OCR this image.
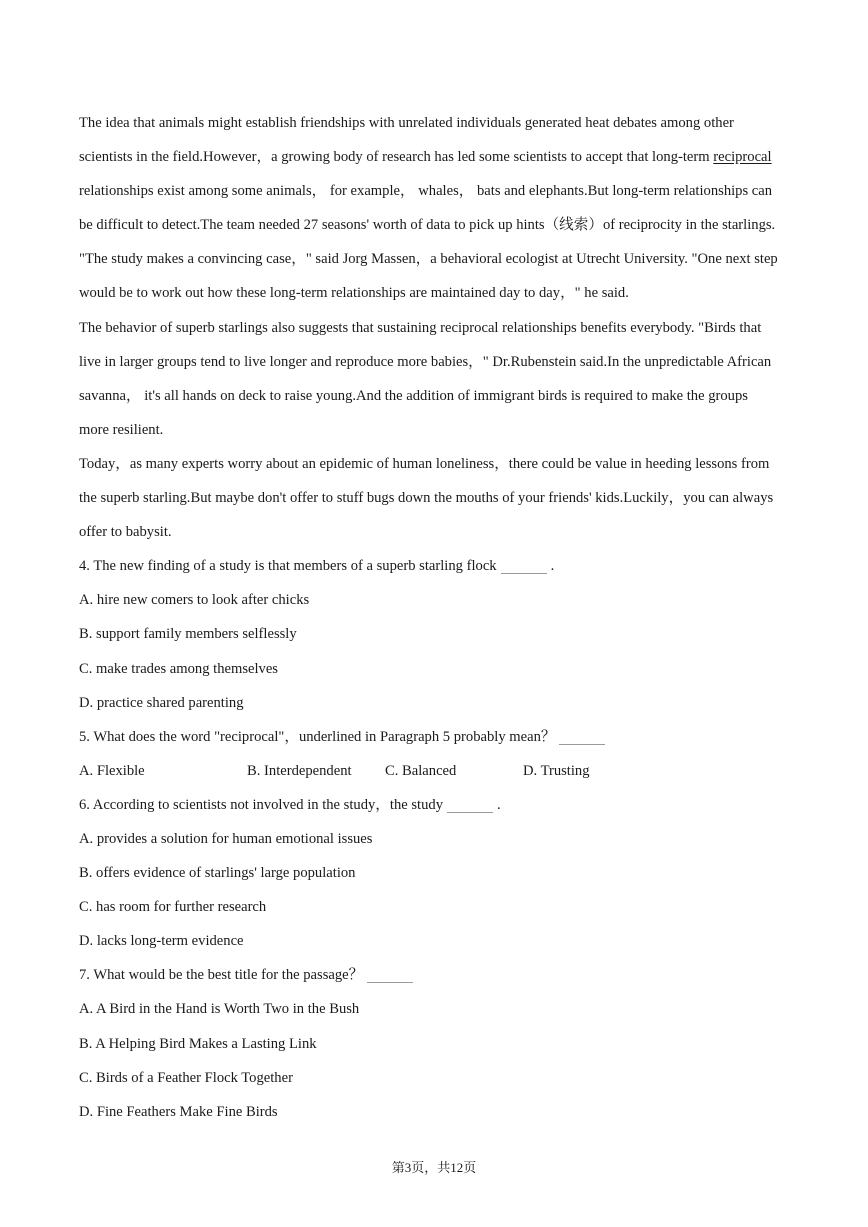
The idea that animals might establish friendships with unrelated individuals generated heat debates among other
scientists in the field.However，a growing body of research has led some scientists to accept that long-term reciprocal
relationships exist among some animals， for example， whales， bats and elephants.But long-term relationships can
be difficult to detect.The team needed 27 seasons' worth of data to pick up hints（线索）of reciprocity in the starlings.
"The study makes a convincing case，" said Jorg Massen，a behavioral ecologist at Utrecht University. "One next step
would be to work out how these long-term relationships are maintained day to day，" he said.
The behavior of superb starlings also suggests that sustaining reciprocal relationships benefits everybody. "Birds that
live in larger groups tend to live longer and reproduce more babies，" Dr.Rubenstein said.In the unpredictable African
savanna， it's all hands on deck to raise young.And the addition of immigrant birds is required to make the groups
more resilient.
Today，as many experts worry about an epidemic of human loneliness，there could be value in heeding lessons from
the superb starling.But maybe don't offer to stuff bugs down the mouths of your friends' kids.Luckily，you can always
offer to babysit.
4. The new finding of a study is that members of a superb starling flock	.
A. hire new comers to look after chicks
B. support family members selflessly
C. make trades among themselves
D. practice shared parenting
5. What does the word "reciprocal"，underlined in Paragraph 5 probably mean？
A. Flexible	B. Interdependent	C. Balanced	D. Trusting
6. According to scientists not involved in the study，the study	.
A. provides a solution for human emotional issues
B. offers evidence of starlings' large population
C. has room for further research
D. lacks long-term evidence
7. What would be the best title for the passage？
A. A Bird in the Hand is Worth Two in the Bush
B. A Helping Bird Makes a Lasting Link
C. Birds of a Feather Flock Together
D. Fine Feathers Make Fine Birds
第3页，共12页
